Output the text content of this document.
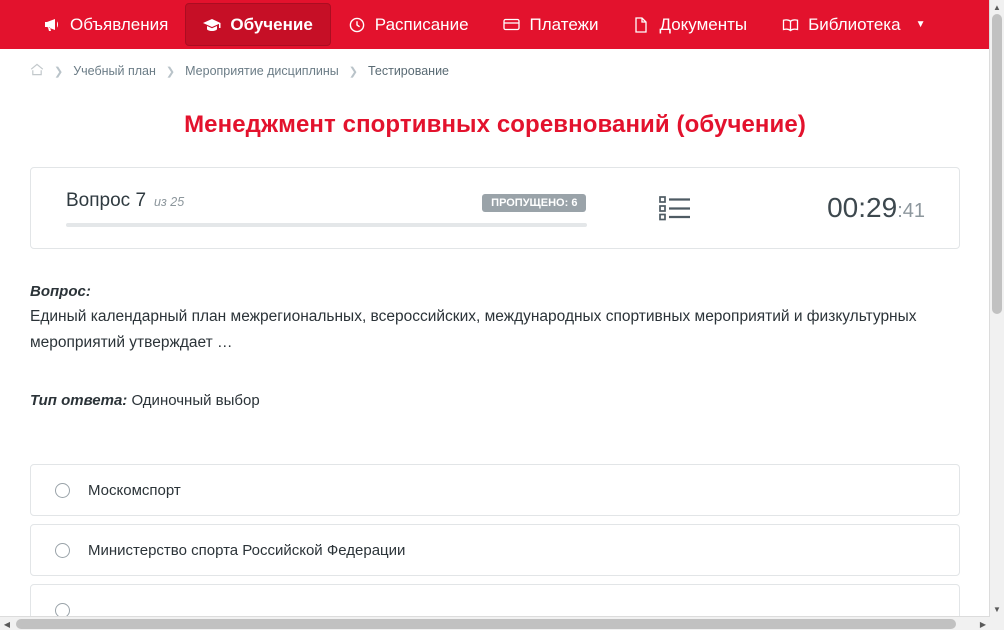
Объявления	Обучение	Расписание	Платежи	Документы	Библиотека ▼
❯ Учебный план ❯ Мероприятие дисциплины ❯ Тестирование
Менеджмент спортивных соревнований (обучение)
Вопрос 7 из 25	ПРОПУЩЕНО: 6	00:29:41
Вопрос:
Единый календарный план межрегиональных, всероссийских, международных спортивных мероприятий и физкультурных мероприятий утверждает …
Тип ответа: Одиночный выбор
Москомспорт
Министерство спорта Российской Федерации
▲
▼
◀	▶
